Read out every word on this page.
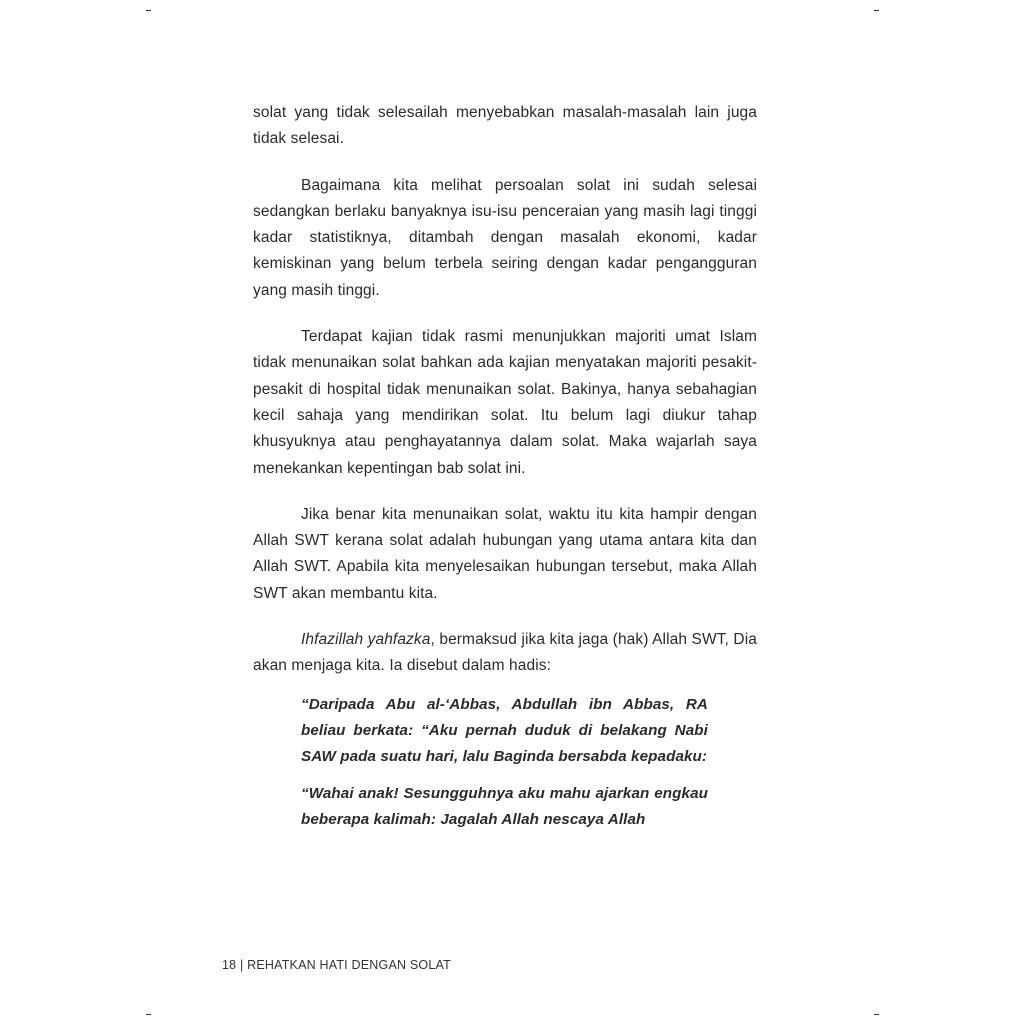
solat yang tidak selesailah menyebabkan masalah-masalah lain juga tidak selesai.

Bagaimana kita melihat persoalan solat ini sudah selesai sedangkan berlaku banyaknya isu-isu penceraian yang masih lagi tinggi kadar statistiknya, ditambah dengan masalah ekonomi, kadar kemiskinan yang belum terbela seiring dengan kadar pengangguran yang masih tinggi.

Terdapat kajian tidak rasmi menunjukkan majoriti umat Islam tidak menunaikan solat bahkan ada kajian menyatakan majoriti pesakit-pesakit di hospital tidak menunaikan solat. Bakinya, hanya sebahagian kecil sahaja yang mendirikan solat. Itu belum lagi diukur tahap khusyuknya atau penghayatannya dalam solat. Maka wajarlah saya menekankan kepentingan bab solat ini.

Jika benar kita menunaikan solat, waktu itu kita hampir dengan Allah SWT kerana solat adalah hubungan yang utama antara kita dan Allah SWT. Apabila kita menyelesaikan hubungan tersebut, maka Allah SWT akan membantu kita.

Ihfazillah yahfazka, bermaksud jika kita jaga (hak) Allah SWT, Dia akan menjaga kita. Ia disebut dalam hadis:

“Daripada Abu al-‘Abbas, Abdullah ibn Abbas, RA beliau berkata: “Aku pernah duduk di belakang Nabi SAW pada suatu hari, lalu Baginda bersabda kepadaku:

“Wahai anak! Sesungguhnya aku mahu ajarkan engkau beberapa kalimah: Jagalah Allah nescaya Allah

18 | REHATKAN HATI DENGAN SOLAT
